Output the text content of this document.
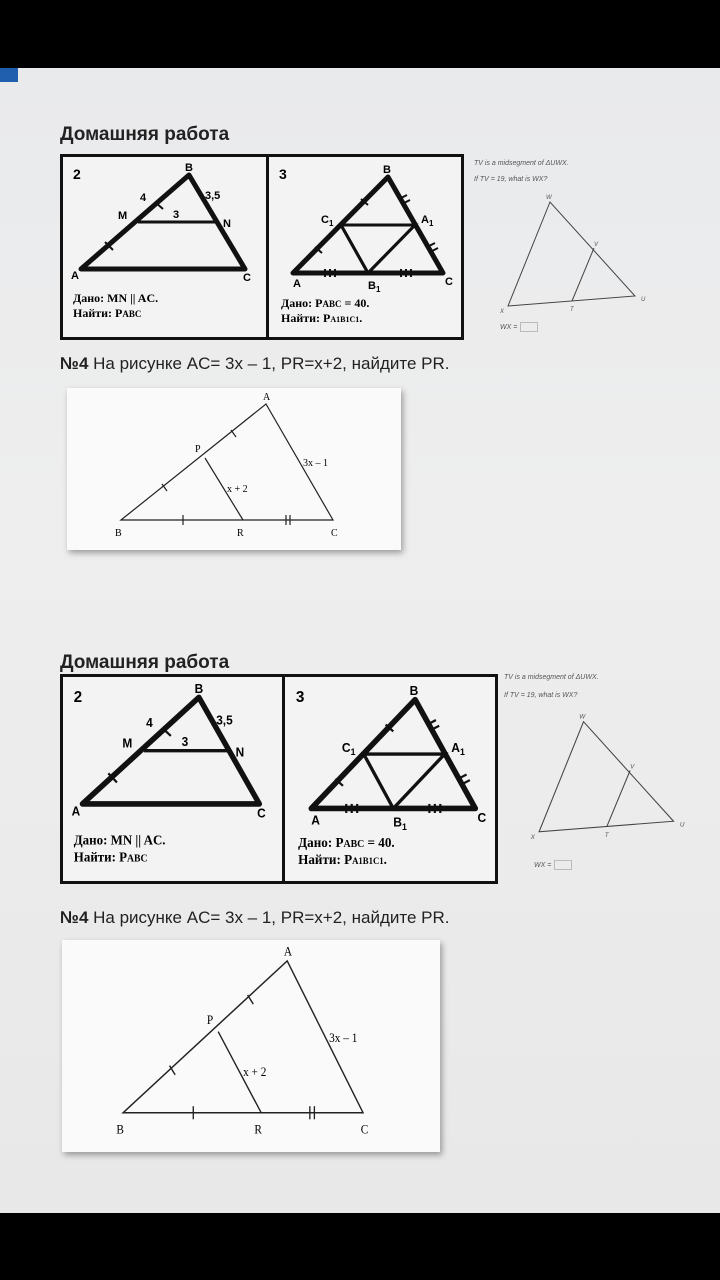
Домашняя работа
2	B
M
N
A	C
4	3,5
3
Дано: MN || AC.
Найти: PABC
3	B
$C_1$	$A_1$
A	$B_1$
C
Дано: PABC = 40.
Найти: PA1B1C1.
TV is a midsegment of ΔUWX.
If TV = 19, what is WX?
W
V
X	T
U
WX =
№4 На рисунке AC= 3x – 1, PR=x+2, найдите PR.
A
P
B	R	C
3x – 1
x + 2
Домашняя работа
2	B
M
N
A	C
4	3,5
3
Дано: MN || AC.
Найти: PABC
3	B
$C_1$	$A_1$
A	$B_1$
C
Дано: PABC = 40.
Найти: PA1B1C1.
TV is a midsegment of ΔUWX.
If TV = 19, what is WX?
W
V
X	T
U
WX =
№4 На рисунке AC= 3x – 1, PR=x+2, найдите PR.
A
P
B	R	C
3x – 1
x + 2
